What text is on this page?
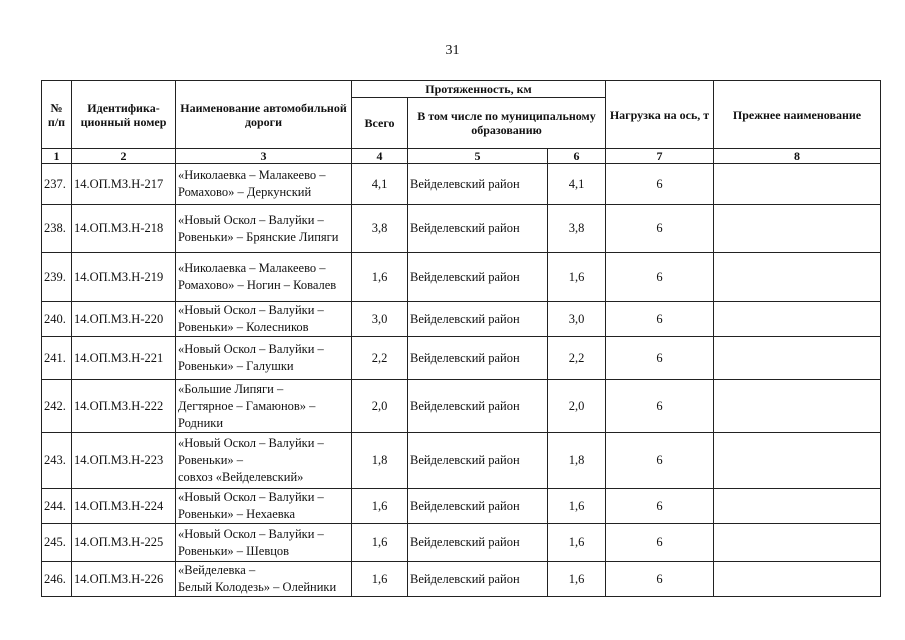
31
№ п/п	Идентифика-ционный номер	Наименование автомобильной дороги	Протяженность, км			Нагрузка на ось, т	Прежнее наименование
			Всего	В том числе по муниципальному образованию			
1	2	3	4	5	6	7	8
237.	14.ОП.МЗ.Н-217	«Николаевка – Малакеево –
Ромахово» – Деркунский	4,1	Вейделевский район	4,1	6	
238.	14.ОП.МЗ.Н-218	«Новый Оскол – Валуйки –
Ровеньки» – Брянские Липяги	3,8	Вейделевский район	3,8	6	
239.	14.ОП.МЗ.Н-219	«Николаевка – Малакеево –
Ромахово» – Ногин – Ковалев	1,6	Вейделевский район	1,6	6	
240.	14.ОП.МЗ.Н-220	«Новый Оскол – Валуйки –
Ровеньки» – Колесников	3,0	Вейделевский район	3,0	6	
241.	14.ОП.МЗ.Н-221	«Новый Оскол – Валуйки –
Ровеньки» – Галушки	2,2	Вейделевский район	2,2	6	
242.	14.ОП.МЗ.Н-222	«Большие Липяги –
Дегтярное – Гамаюнов» –
Родники	2,0	Вейделевский район	2,0	6	
243.	14.ОП.МЗ.Н-223	«Новый Оскол – Валуйки –
Ровеньки» –
совхоз «Вейделевский»	1,8	Вейделевский район	1,8	6	
244.	14.ОП.МЗ.Н-224	«Новый Оскол – Валуйки –
Ровеньки» – Нехаевка	1,6	Вейделевский район	1,6	6	
245.	14.ОП.МЗ.Н-225	«Новый Оскол – Валуйки –
Ровеньки» – Шевцов	1,6	Вейделевский район	1,6	6	
246.	14.ОП.МЗ.Н-226	«Вейделевка –
Белый Колодезь» – Олейники	1,6	Вейделевский район	1,6	6	
